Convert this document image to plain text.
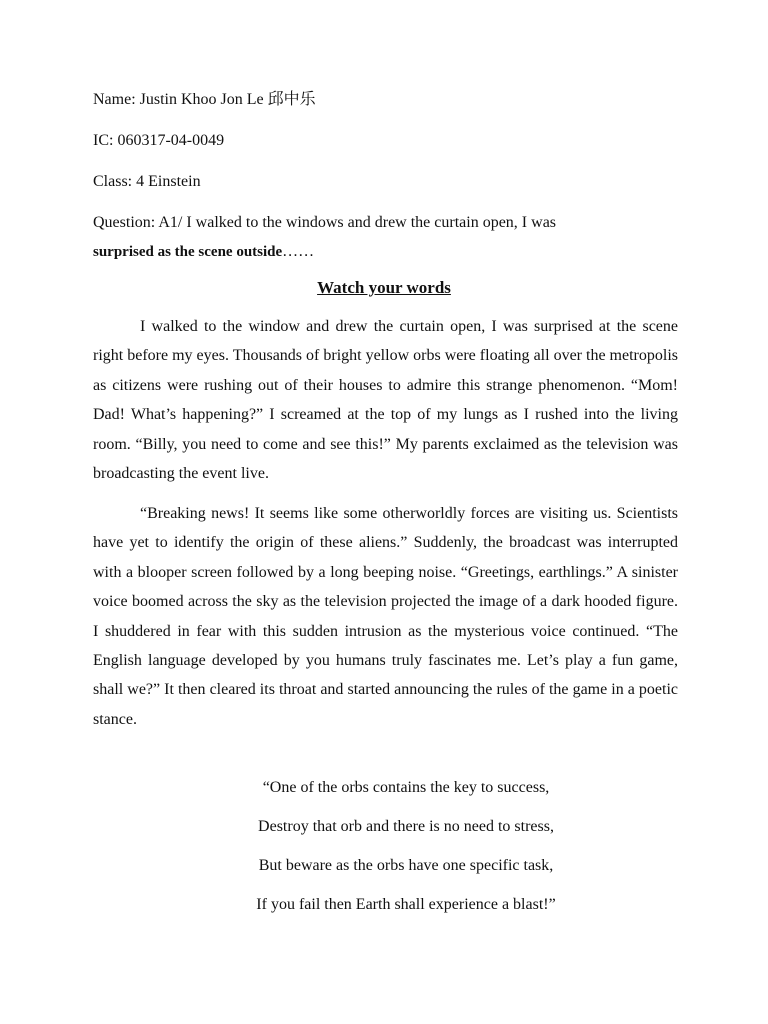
Name: Justin Khoo Jon Le 邱中乐
IC: 060317-04-0049
Class: 4 Einstein
Question: A1/ I walked to the windows and drew the curtain open, I was
surprised as the scene outside……
Watch your words
I walked to the window and drew the curtain open, I was surprised at the scene right before my eyes. Thousands of bright yellow orbs were floating all over the metropolis as citizens were rushing out of their houses to admire this strange phenomenon. “Mom! Dad! What’s happening?” I screamed at the top of my lungs as I rushed into the living room. “Billy, you need to come and see this!” My parents exclaimed as the television was broadcasting the event live.
“Breaking news! It seems like some otherworldly forces are visiting us. Scientists have yet to identify the origin of these aliens.” Suddenly, the broadcast was interrupted with a blooper screen followed by a long beeping noise. “Greetings, earthlings.” A sinister voice boomed across the sky as the television projected the image of a dark hooded figure. I shuddered in fear with this sudden intrusion as the mysterious voice continued. “The English language developed by you humans truly fascinates me. Let’s play a fun game, shall we?” It then cleared its throat and started announcing the rules of the game in a poetic stance.
“One of the orbs contains the key to success,
Destroy that orb and there is no need to stress,
But beware as the orbs have one specific task,
If you fail then Earth shall experience a blast!”
